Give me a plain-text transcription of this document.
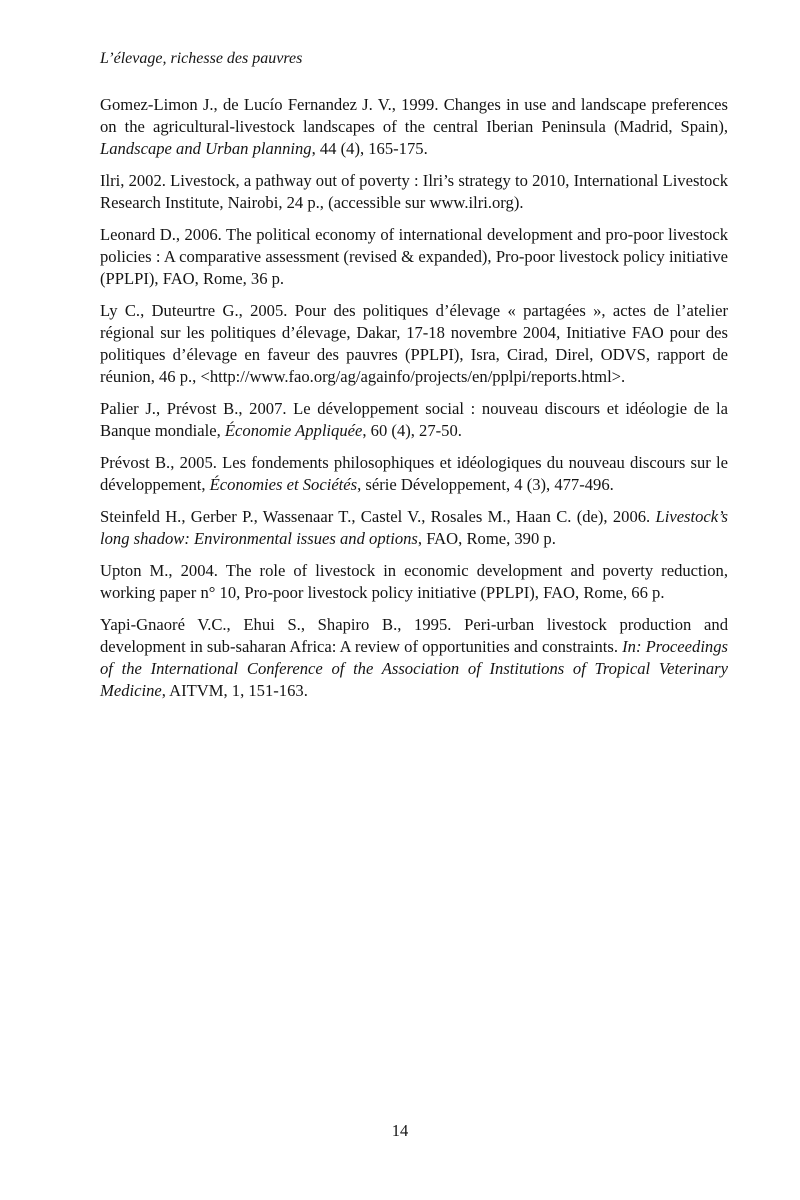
L’élevage, richesse des pauvres

Gomez-Limon J., de Lucío Fernandez J. V., 1999. Changes in use and landscape preferences on the agricultural-livestock landscapes of the central Iberian Peninsula (Madrid, Spain), Landscape and Urban planning, 44 (4), 165-175.

Ilri, 2002. Livestock, a pathway out of poverty : Ilri’s strategy to 2010, International Livestock Research Institute, Nairobi, 24 p., (accessible sur www.ilri.org).

Leonard D., 2006. The political economy of international development and pro-poor livestock policies : A comparative assessment (revised & expanded), Pro-poor livestock policy initiative (PPLPI), FAO, Rome, 36 p.

Ly C., Duteurtre G., 2005. Pour des politiques d’élevage « partagées », actes de l’atelier régional sur les politiques d’élevage, Dakar, 17-18 novembre 2004, Initiative FAO pour des politiques d’élevage en faveur des pauvres (PPLPI), Isra, Cirad, Direl, ODVS, rapport de réunion, 46 p., <http://www.fao.org/ag/againfo/projects/en/pplpi/reports.html>.

Palier J., Prévost B., 2007. Le développement social : nouveau discours et idéologie de la Banque mondiale, Économie Appliquée, 60 (4), 27-50.

Prévost B., 2005. Les fondements philosophiques et idéologiques du nouveau discours sur le développement, Économies et Sociétés, série Développement, 4 (3), 477-496.

Steinfeld H., Gerber P., Wassenaar T., Castel V., Rosales M., Haan C. (de), 2006. Livestock’s long shadow: Environmental issues and options, FAO, Rome, 390 p.

Upton M., 2004. The role of livestock in economic development and poverty reduction, working paper n° 10, Pro-poor livestock policy initiative (PPLPI), FAO, Rome, 66 p.

Yapi-Gnaoré V.C., Ehui S., Shapiro B., 1995. Peri-urban livestock production and development in sub-saharan Africa: A review of opportunities and constraints. In: Proceedings of the International Conference of the Association of Institutions of Tropical Veterinary Medicine, AITVM, 1, 151-163.

14
